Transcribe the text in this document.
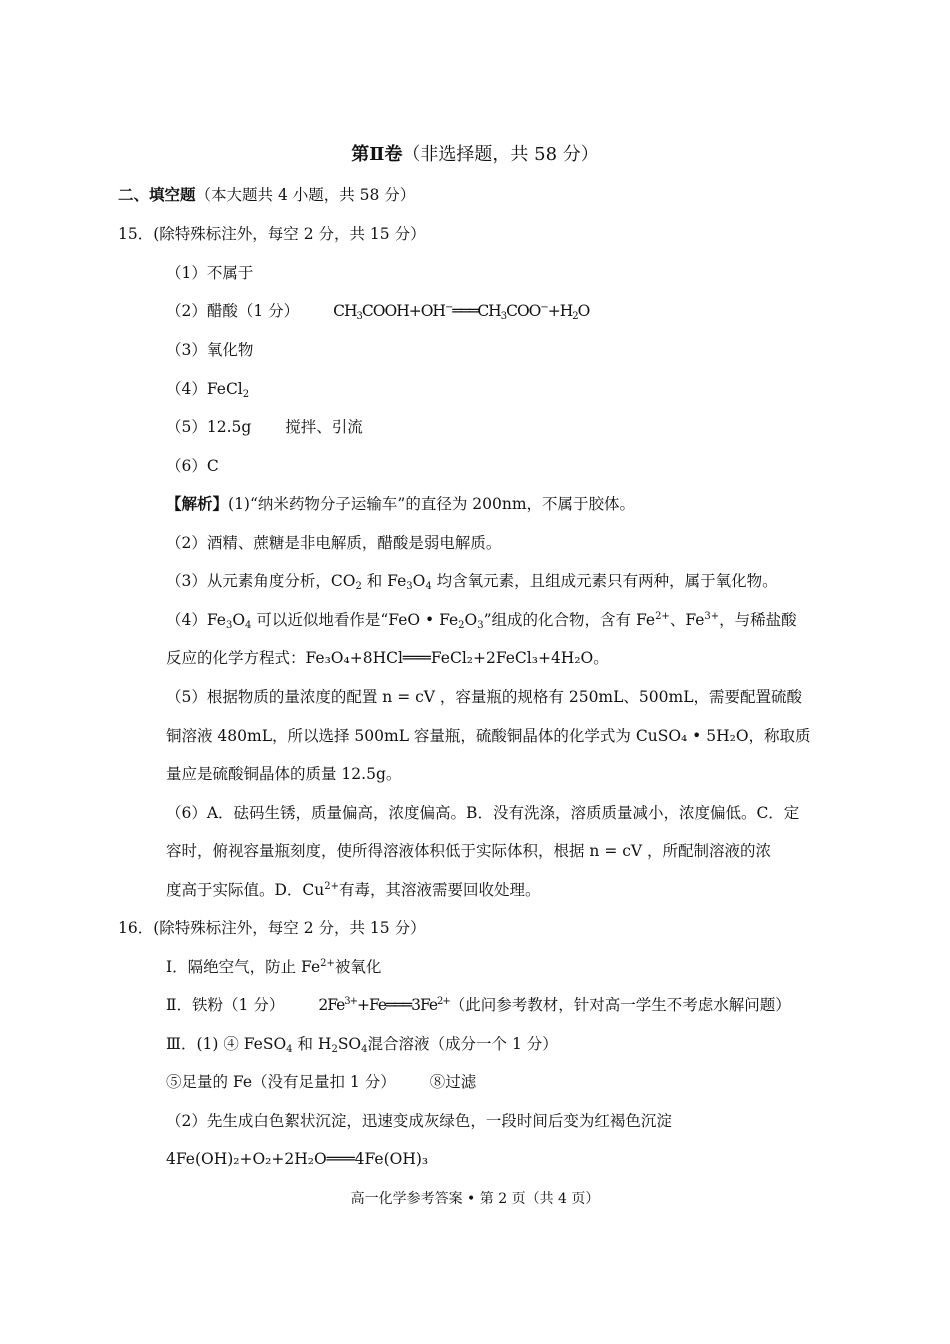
第Ⅱ卷（非选择题，共 58 分）
二、填空题（本大题共 4 小题，共 58 分）
15．(除特殊标注外，每空 2 分，共 15 分）
（1）不属于
（2）醋酸（1 分） $CH_3COOH+OH^-═══CH_3COO^-+H_2O$
（3）氧化物
（4）FeCl$_2$
（5）12.5g 搅拌、引流
（6）C
【解析】(1)“纳米药物分子运输车”的直径为 200nm，不属于胶体。
（2）酒精、蔗糖是非电解质，醋酸是弱电解质。
（3）从元素角度分析，$CO_2$ 和 $Fe_3O_4$ 均含氧元素，且组成元素只有两种，属于氧化物。
$(4)Fe_3O_4$ 可以近似地看作是“FeO • $Fe_2O_3$”组成的化合物，含有 $Fe^{2+}$、$Fe^{3+}$，与稀盐酸
反应的化学方程式：Fe₃O₄+8HCl═══FeCl₂+2FeCl₃+4H₂O。
（5）根据物质的量浓度的配置 n = cV ，容量瓶的规格有 250mL、500mL，需要配置硫酸
铜溶液 480mL，所以选择 500mL 容量瓶，硫酸铜晶体的化学式为 CuSO₄ • 5H₂O，称取质
量应是硫酸铜晶体的质量 12.5g。
（6）A．砝码生锈，质量偏高，浓度偏高。B．没有洗涤，溶质质量减小，浓度偏低。C．定
容时，俯视容量瓶刻度，使所得溶液体积低于实际体积，根据 n = cV ，所配制溶液的浓
度高于实际值。D．$Cu^{2+}$有毒，其溶液需要回收处理。
16．(除特殊标注外，每空 2 分，共 15 分）
Ⅰ．隔绝空气，防止 $Fe^{2+}$被氧化
Ⅱ．铁粉（1 分） $2Fe^{3+}+Fe═══3Fe^{2+}$（此问参考教材，针对高一学生不考虑水解问题）
Ⅲ．(1) ④ FeSO$_4$ 和 $H_2SO_4$混合溶液（成分一个 1 分）
⑤足量的 Fe（没有足量扣 1 分） ⑧过滤
（2）先生成白色絮状沉淀，迅速变成灰绿色，一段时间后变为红褐色沉淀
4Fe(OH)₂+O₂+2H₂O═══4Fe(OH)₃
高一化学参考答案 • 第 2 页（共 4 页）
